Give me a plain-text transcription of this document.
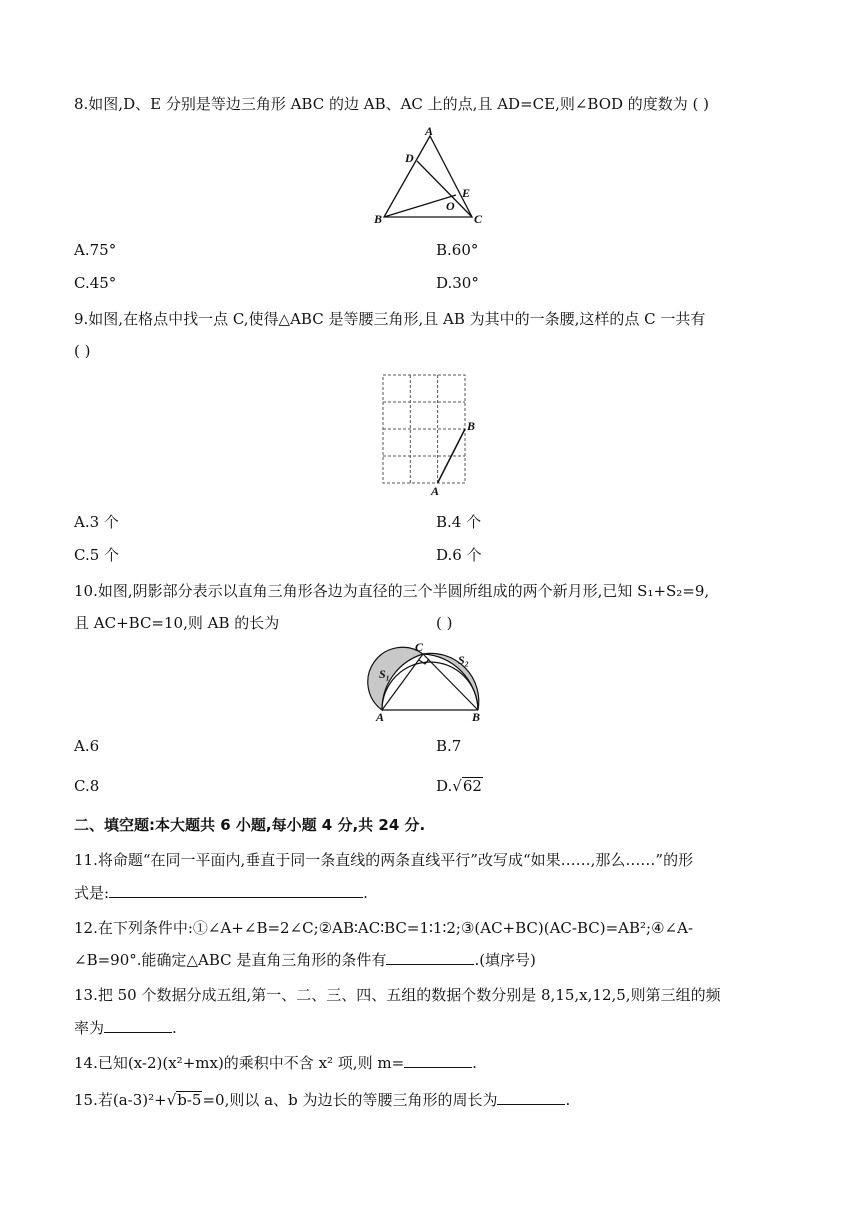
8.如图,D、E 分别是等边三角形 ABC 的边 AB、AC 上的点,且 AD=CE,则∠BOD 的度数为 ( )
A
D
E
O
B	C
A.75°	B.60°
C.45°	D.30°
9.如图,在格点中找一点 C,使得△ABC 是等腰三角形,且 AB 为其中的一条腰,这样的点 C 一共有
( )
B
A
A.3 个	B.4 个
C.5 个	D.6 个
10.如图,阴影部分表示以直角三角形各边为直径的三个半圆所组成的两个新月形,已知 S₁+S₂=9,
且 AC+BC=10,则 AB 的长为	( )
C
S₁
S₂
A	B
A.6	B.7
C.8	D.√62
二、填空题:本大题共 6 小题,每小题 4 分,共 24 分.
11.将命题“在同一平面内,垂直于同一条直线的两条直线平行”改写成“如果……,那么……”的形
式是:	.
12.在下列条件中:①∠A+∠B=2∠C;②AB∶AC∶BC=1∶1∶2;③(AC+BC)(AC-BC)=AB²;④∠A-
∠B=90°.能确定△ABC 是直角三角形的条件有	.(填序号)
13.把 50 个数据分成五组,第一、二、三、四、五组的数据个数分别是 8,15,x,12,5,则第三组的频
率为	.
14.已知(x-2)(x²+mx)的乘积中不含 x² 项,则 m=	.
15.若(a-3)²+√b-5=0,则以 a、b 为边长的等腰三角形的周长为	.
